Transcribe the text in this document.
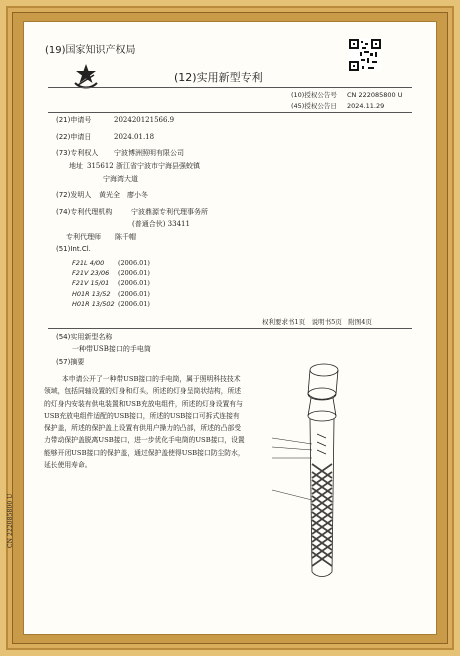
(19)国家知识产权局
(12)实用新型专利
(10)授权公告号 CN 222085800 U
(45)授权公告日 2024.11.29
(21)申请号	202420121566.9
(22)申请日	2024.01.18
(73)专利权人 宁波博洲照明有限公司
地址 315612 浙江省宁波市宁海县强蛟镇
宁海湾大道
(72)发明人 黄光全　廖小冬
(74)专利代理机构	宁波鼎源专利代理事务所
(普通合伙) 33411
专利代理师 陈千帽
(51)Int.Cl.
F21L 4/00 (2006.01)
F21V 23/06 (2006.01)
F21V 15/01 (2006.01)
H01R 13/52 (2006.01)
H01R 13/502 (2006.01)
权利要求书1页　说明书5页　附图4页
(54)实用新型名称
一种带USB接口的手电筒
(57)摘要
本申请公开了一种带USB接口的手电筒，属于照明科技技术领域，包括同轴设置的灯身和灯头，所述的灯身呈筒状结构，所述的灯身内安装有供电装置和USB充放电组件，所述的灯身设置有与USB充放电组件适配的USB接口，所述的USB接口可拆式连接有保护盖，所述的保护盖上设置有供用户操力的凸部，所述的凸部受力带动保护盖脱离USB接口，进一步优化手电筒的USB接口，设置能够开闭USB接口的保护盖，通过保护盖使得USB接口防尘防水，延长使用寿命。
CN 222085800 U
